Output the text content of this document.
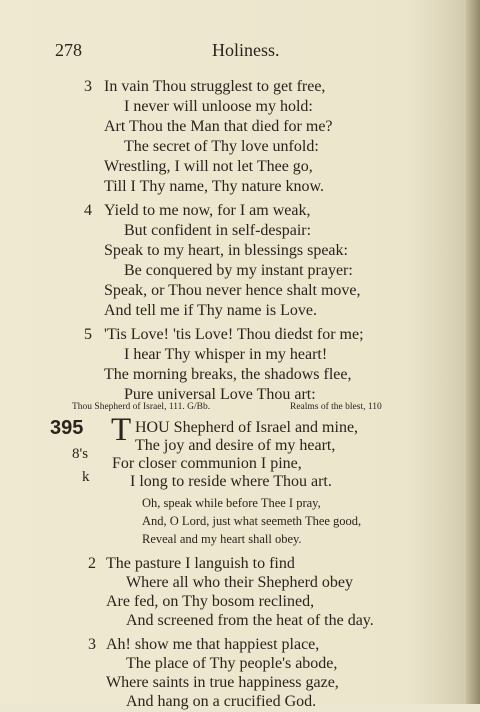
278	Holiness.
3 In vain Thou strugglest to get free,
I never will unloose my hold:
Art Thou the Man that died for me?
The secret of Thy love unfold:
Wrestling, I will not let Thee go,
Till I Thy name, Thy nature know.
4 Yield to me now, for I am weak,
But confident in self-despair:
Speak to my heart, in blessings speak:
Be conquered by my instant prayer:
Speak, or Thou never hence shalt move,
And tell me if Thy name is Love.
5 'Tis Love! 'tis Love! Thou diedst for me;
I hear Thy whisper in my heart!
The morning breaks, the shadows flee,
Pure universal Love Thou art:
Thou Shepherd of Israel, 111. G/Bb.	Realms of the blest, 110
395
8's
k
T HOU Shepherd of Israel and mine,
The joy and desire of my heart,
For closer communion I pine,
I long to reside where Thou art.
Oh, speak while before Thee I pray,
And, O Lord, just what seemeth Thee good,
Reveal and my heart shall obey.
2 The pasture I languish to find
Where all who their Shepherd obey
Are fed, on Thy bosom reclined,
And screened from the heat of the day.
3 Ah! show me that happiest place,
The place of Thy people's abode,
Where saints in true happiness gaze,
And hang on a crucified God.
